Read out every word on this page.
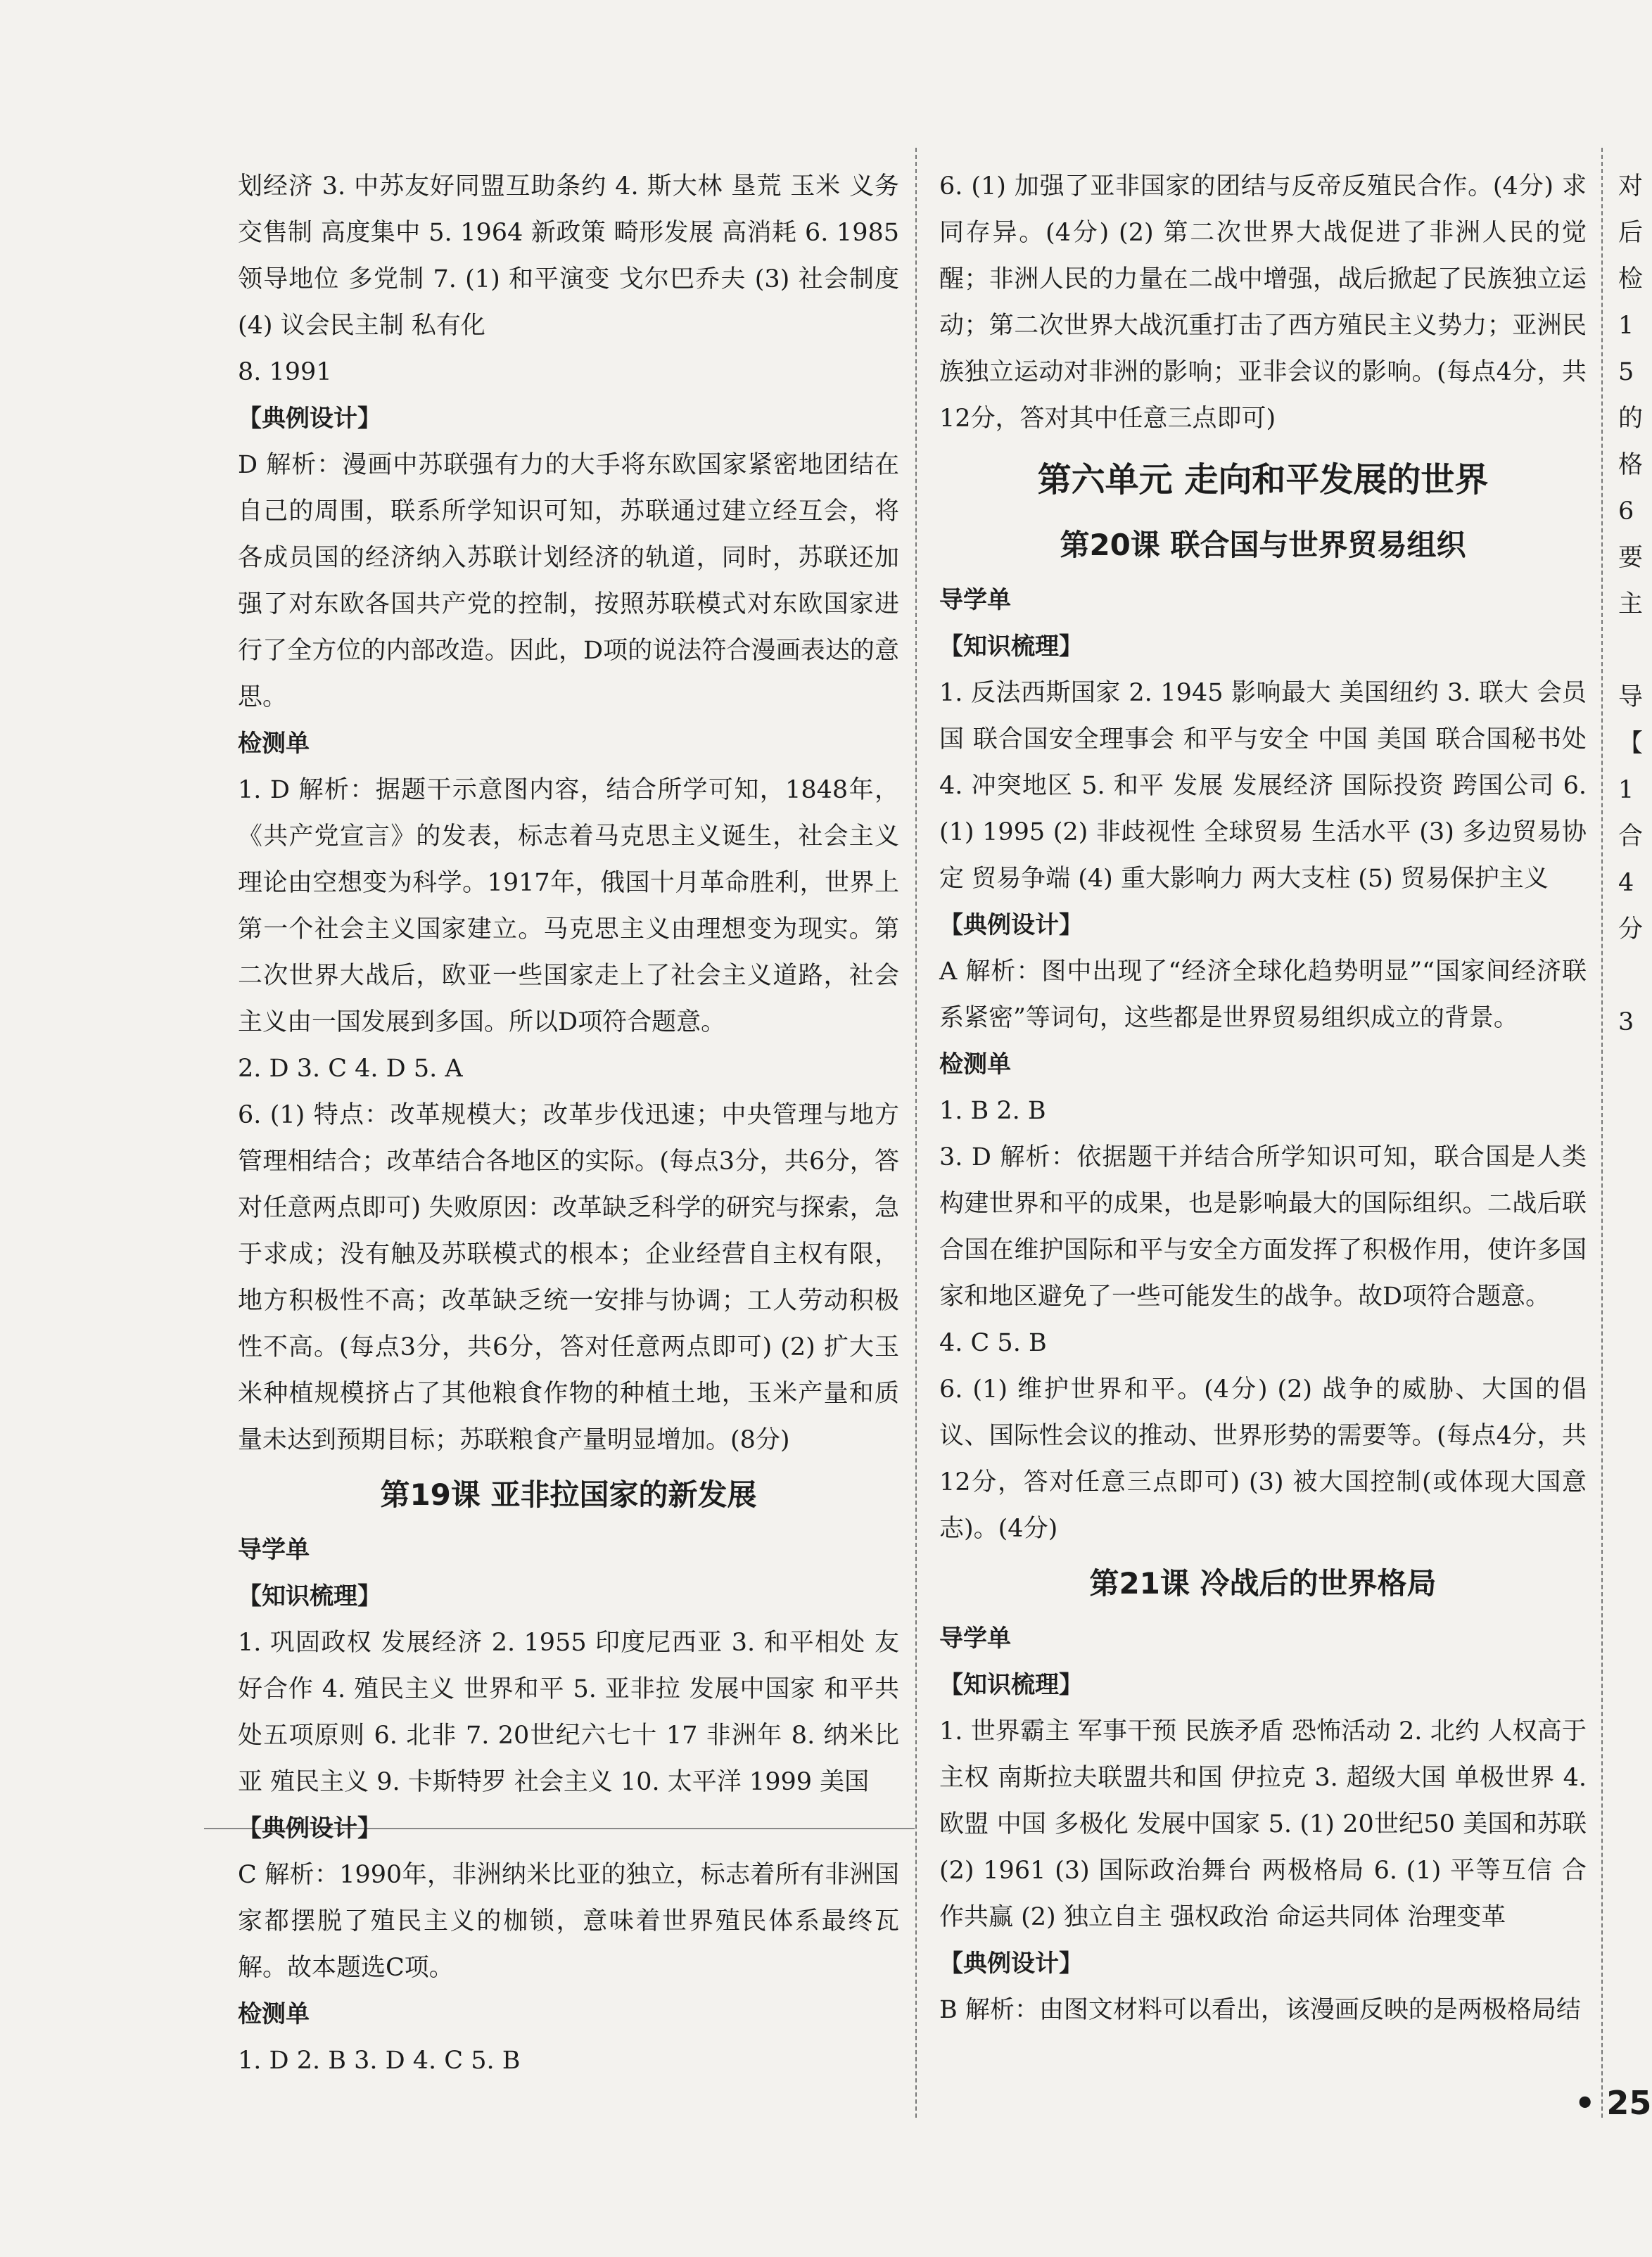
划经济 3. 中苏友好同盟互助条约 4. 斯大林 垦荒 玉米 义务交售制 高度集中 5. 1964 新政策 畸形发展 高消耗 6. 1985 领导地位 多党制 7. (1) 和平演变 戈尔巴乔夫 (3) 社会制度 (4) 议会民主制 私有化

8. 1991

【典例设计】

D 解析：漫画中苏联强有力的大手将东欧国家紧密地团结在自己的周围，联系所学知识可知，苏联通过建立经互会，将各成员国的经济纳入苏联计划经济的轨道，同时，苏联还加强了对东欧各国共产党的控制，按照苏联模式对东欧国家进行了全方位的内部改造。因此，D项的说法符合漫画表达的意思。

检测单

1. D 解析：据题干示意图内容，结合所学可知，1848年，《共产党宣言》的发表，标志着马克思主义诞生，社会主义理论由空想变为科学。1917年，俄国十月革命胜利，世界上第一个社会主义国家建立。马克思主义由理想变为现实。第二次世界大战后，欧亚一些国家走上了社会主义道路，社会主义由一国发展到多国。所以D项符合题意。

2. D 3. C 4. D 5. A

6. (1) 特点：改革规模大；改革步伐迅速；中央管理与地方管理相结合；改革结合各地区的实际。(每点3分，共6分，答对任意两点即可) 失败原因：改革缺乏科学的研究与探索，急于求成；没有触及苏联模式的根本；企业经营自主权有限，地方积极性不高；改革缺乏统一安排与协调；工人劳动积极性不高。(每点3分，共6分，答对任意两点即可) (2) 扩大玉米种植规模挤占了其他粮食作物的种植土地，玉米产量和质量未达到预期目标；苏联粮食产量明显增加。(8分)

第19课 亚非拉国家的新发展

导学单

【知识梳理】

1. 巩固政权 发展经济 2. 1955 印度尼西亚 3. 和平相处 友好合作 4. 殖民主义 世界和平 5. 亚非拉 发展中国家 和平共处五项原则 6. 北非 7. 20世纪六七十 17 非洲年 8. 纳米比亚 殖民主义 9. 卡斯特罗 社会主义 10. 太平洋 1999 美国

【典例设计】

C 解析：1990年，非洲纳米比亚的独立，标志着所有非洲国家都摆脱了殖民主义的枷锁，意味着世界殖民体系最终瓦解。故本题选C项。

检测单

1. D 2. B 3. D 4. C 5. B

6. (1) 加强了亚非国家的团结与反帝反殖民合作。(4分) 求同存异。(4分) (2) 第二次世界大战促进了非洲人民的觉醒；非洲人民的力量在二战中增强，战后掀起了民族独立运动；第二次世界大战沉重打击了西方殖民主义势力；亚洲民族独立运动对非洲的影响；亚非会议的影响。(每点4分，共12分，答对其中任意三点即可)

第六单元 走向和平发展的世界

第20课 联合国与世界贸易组织

导学单

【知识梳理】

1. 反法西斯国家 2. 1945 影响最大 美国纽约 3. 联大 会员国 联合国安全理事会 和平与安全 中国 美国 联合国秘书处 4. 冲突地区 5. 和平 发展 发展经济 国际投资 跨国公司 6. (1) 1995 (2) 非歧视性 全球贸易 生活水平 (3) 多边贸易协定 贸易争端 (4) 重大影响力 两大支柱 (5) 贸易保护主义

【典例设计】

A 解析：图中出现了“经济全球化趋势明显”“国家间经济联系紧密”等词句，这些都是世界贸易组织成立的背景。

检测单

1. B 2. B

3. D 解析：依据题干并结合所学知识可知，联合国是人类构建世界和平的成果，也是影响最大的国际组织。二战后联合国在维护国际和平与安全方面发挥了积极作用，使许多国家和地区避免了一些可能发生的战争。故D项符合题意。

4. C 5. B

6. (1) 维护世界和平。(4分) (2) 战争的威胁、大国的倡议、国际性会议的推动、世界形势的需要等。(每点4分，共12分，答对任意三点即可) (3) 被大国控制(或体现大国意志)。(4分)

第21课 冷战后的世界格局

导学单

【知识梳理】

1. 世界霸主 军事干预 民族矛盾 恐怖活动 2. 北约 人权高于主权 南斯拉夫联盟共和国 伊拉克 3. 超级大国 单极世界 4. 欧盟 中国 多极化 发展中国家 5. (1) 20世纪50 美国和苏联 (2) 1961 (3) 国际政治舞台 两极格局 6. (1) 平等互信 合作共赢 (2) 独立自主 强权政治 命运共同体 治理变革

【典例设计】

B 解析：由图文材料可以看出，该漫画反映的是两极格局结

对
后
检
1
5
的
格
6
要
主
导
【
1
合
4
分
3
• 25
